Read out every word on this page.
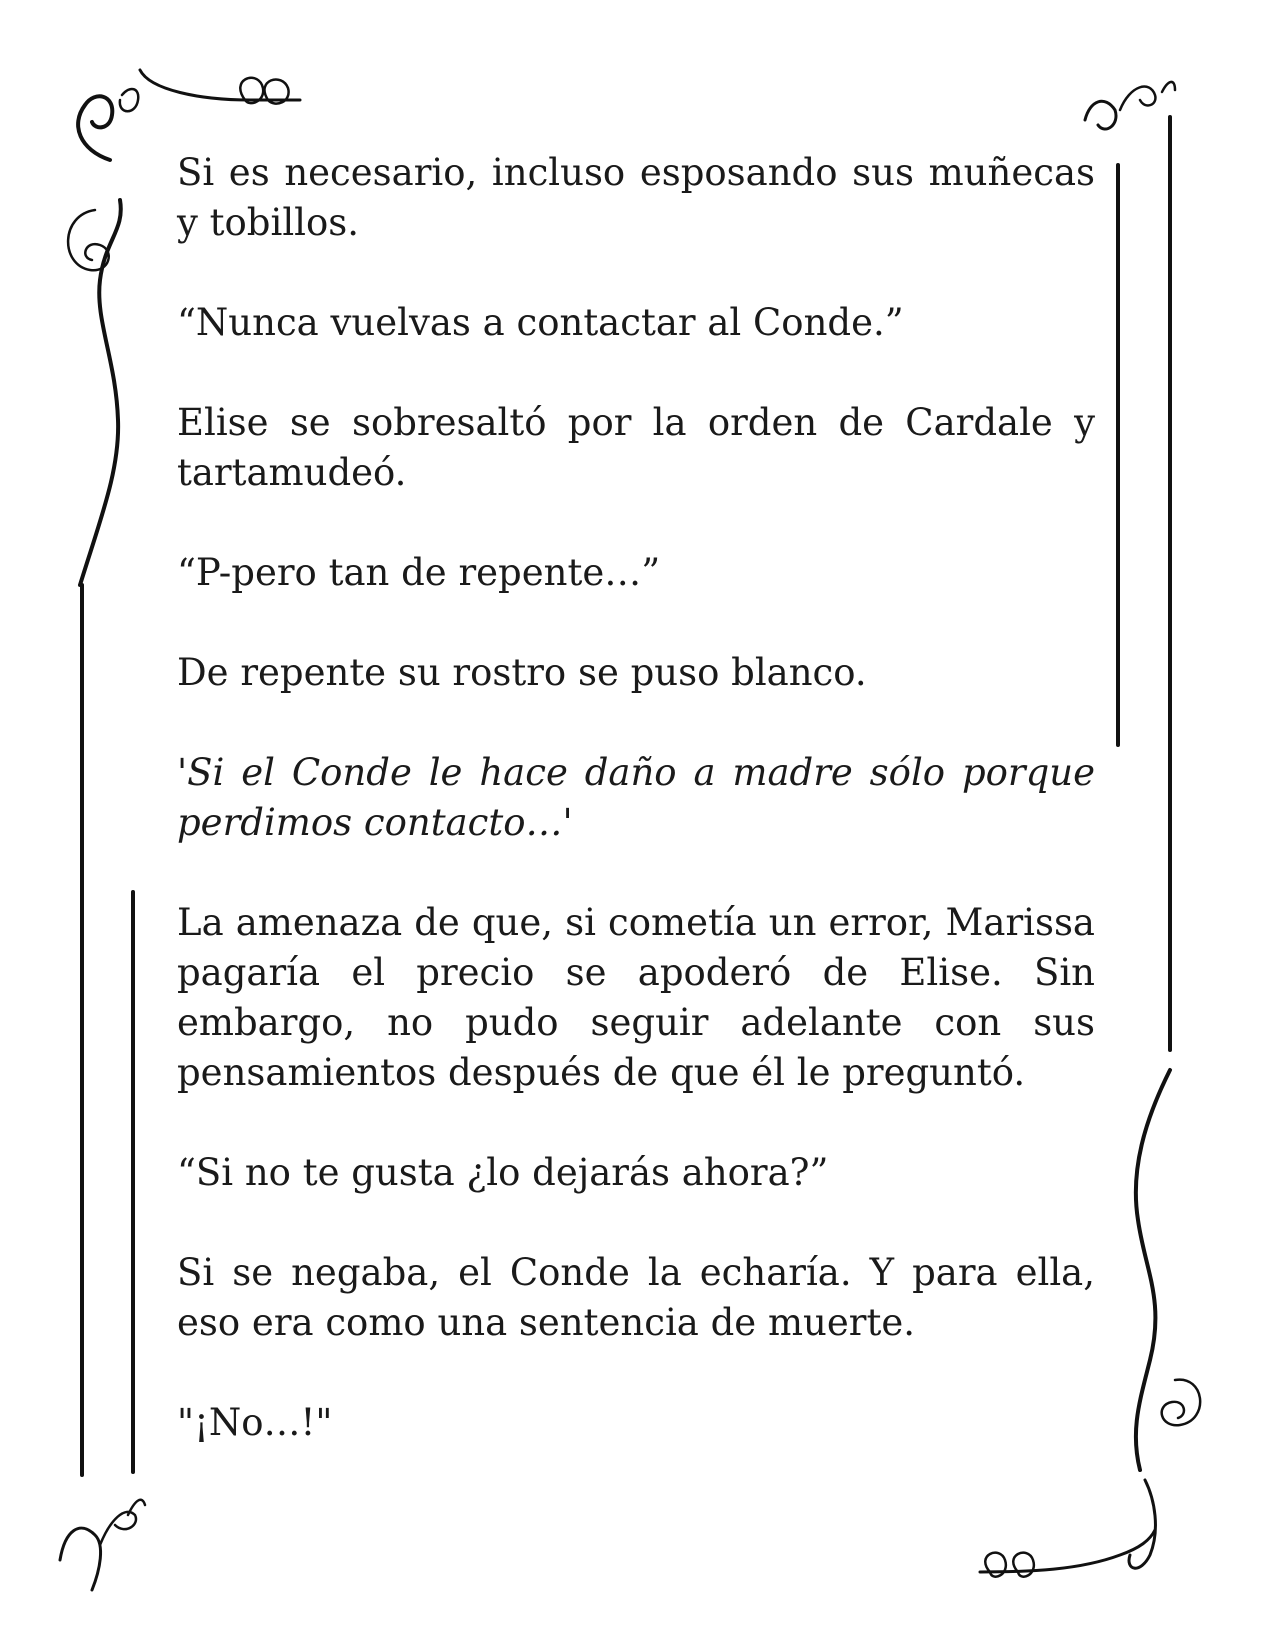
Si es necesario, incluso esposando sus muñecas y tobillos.

“Nunca vuelvas a contactar al Conde.”

Elise se sobresaltó por la orden de Cardale y tartamudeó.

“P-pero tan de repente…”

De repente su rostro se puso blanco.

'Si el Conde le hace daño a madre sólo porque perdimos contacto…'

La amenaza de que, si cometía un error, Marissa pagaría el precio se apoderó de Elise. Sin embargo, no pudo seguir adelante con sus pensamientos después de que él le preguntó.

“Si no te gusta ¿lo dejarás ahora?”

Si se negaba, el Conde la echaría. Y para ella, eso era como una sentencia de muerte.

"¡No…!"
